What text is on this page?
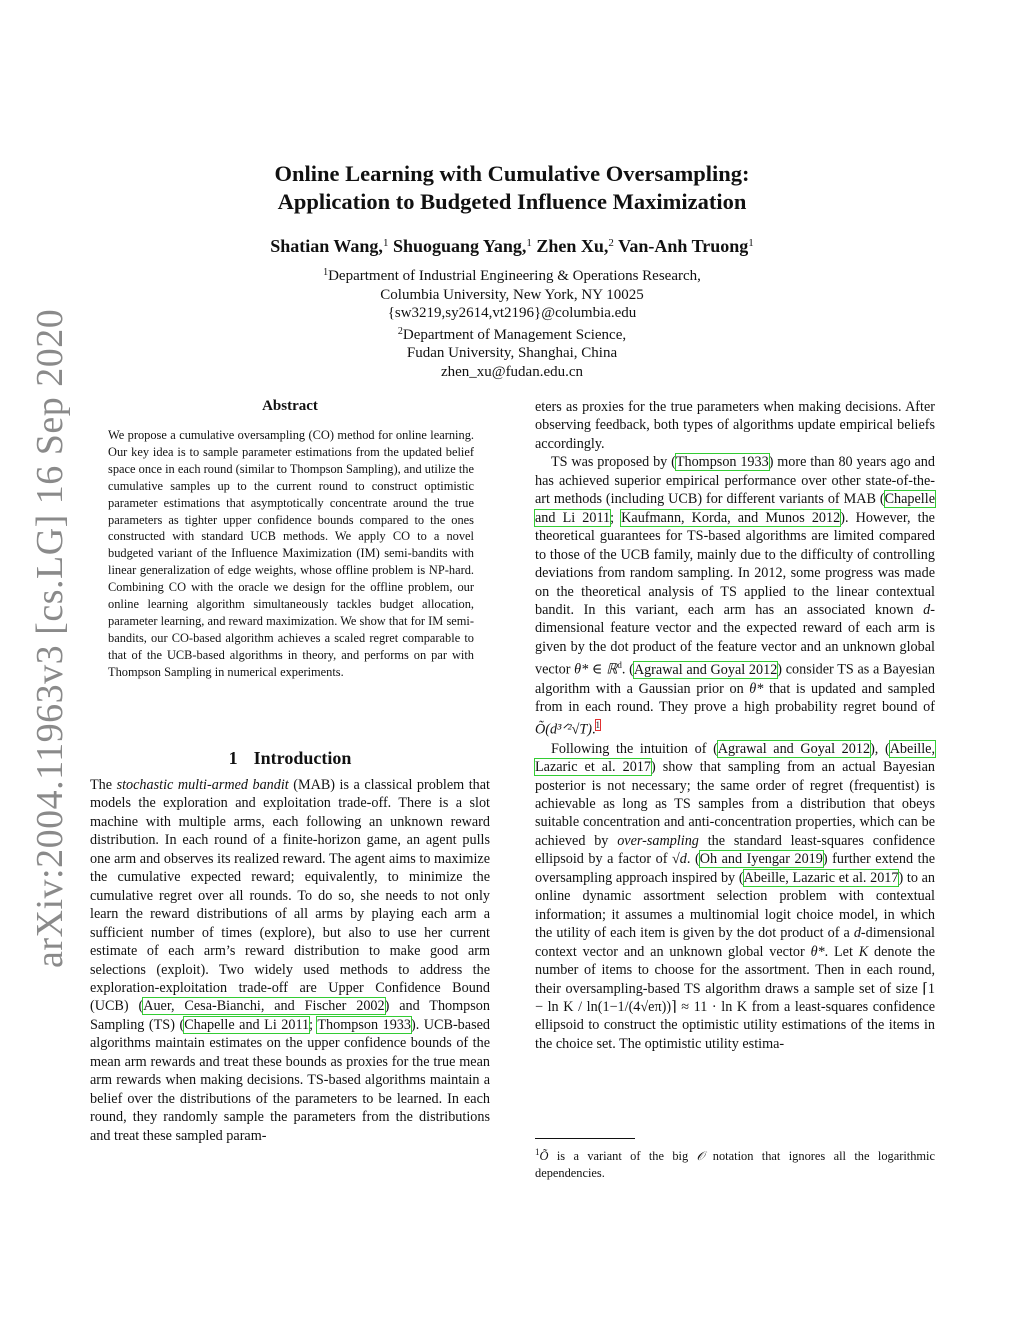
arXiv:2004.11963v3 [cs.LG] 16 Sep 2020
Online Learning with Cumulative Oversampling:
Application to Budgeted Influence Maximization
Shatian Wang,$^1$ Shuoguang Yang,$^1$ Zhen Xu,$^2$ Van-Anh Truong$^1$
$^1$Department of Industrial Engineering & Operations Research,
Columbia University, New York, NY 10025
{sw3219,sy2614,vt2196}@columbia.edu
$^2$Department of Management Science,
Fudan University, Shanghai, China
zhen_xu@fudan.edu.cn
Abstract
We propose a cumulative oversampling (CO) method for online learning. Our key idea is to sample parameter estimations from the updated belief space once in each round (similar to Thompson Sampling), and utilize the cumulative samples up to the current round to construct optimistic parameter estimations that asymptotically concentrate around the true parameters as tighter upper confidence bounds compared to the ones constructed with standard UCB methods. We apply CO to a novel budgeted variant of the Influence Maximization (IM) semi-bandits with linear generalization of edge weights, whose offline problem is NP-hard. Combining CO with the oracle we design for the offline problem, our online learning algorithm simultaneously tackles budget allocation, parameter learning, and reward maximization. We show that for IM semi-bandits, our CO-based algorithm achieves a scaled regret comparable to that of the UCB-based algorithms in theory, and performs on par with Thompson Sampling in numerical experiments.
1 Introduction

The stochastic multi-armed bandit (MAB) is a classical problem that models the exploration and exploitation trade-off. There is a slot machine with multiple arms, each following an unknown reward distribution. In each round of a finite-horizon game, an agent pulls one arm and observes its realized reward. The agent aims to maximize the cumulative expected reward; equivalently, to minimize the cumulative regret over all rounds. To do so, she needs to not only learn the reward distributions of all arms by playing each arm a sufficient number of times (explore), but also to use her current estimate of each arm’s reward distribution to make good arm selections (exploit). Two widely used methods to address the exploration-exploitation trade-off are Upper Confidence Bound (UCB) (Auer, Cesa-Bianchi, and Fischer 2002) and Thompson Sampling (TS) (Chapelle and Li 2011; Thompson 1933). UCB-based algorithms maintain estimates on the upper confidence bounds of the mean arm rewards and treat these bounds as proxies for the true mean arm rewards when making decisions. TS-based algorithms maintain a belief over the distributions of the parameters to be learned. In each round, they randomly sample the parameters from the distributions and treat these sampled param-

eters as proxies for the true parameters when making decisions. After observing feedback, both types of algorithms update empirical beliefs accordingly.

TS was proposed by (Thompson 1933) more than 80 years ago and has achieved superior empirical performance over other state-of-the-art methods (including UCB) for different variants of MAB (Chapelle and Li 2011; Kaufmann, Korda, and Munos 2012). However, the theoretical guarantees for TS-based algorithms are limited compared to those of the UCB family, mainly due to the difficulty of controlling deviations from random sampling. In 2012, some progress was made on the theoretical analysis of TS applied to the linear contextual bandit. In this variant, each arm has an associated known d-dimensional feature vector and the expected reward of each arm is given by the dot product of the feature vector and an unknown global vector θ* ∈ ℝ$^d$. (Agrawal and Goyal 2012) consider TS as a Bayesian algorithm with a Gaussian prior on θ* that is updated and sampled from in each round. They prove a high probability regret bound of Õ(d³ᐟ²√T).$^1$

Following the intuition of (Agrawal and Goyal 2012), (Abeille, Lazaric et al. 2017) show that sampling from an actual Bayesian posterior is not necessary; the same order of regret (frequentist) is achievable as long as TS samples from a distribution that obeys suitable concentration and anti-concentration properties, which can be achieved by over-sampling the standard least-squares confidence ellipsoid by a factor of √d. (Oh and Iyengar 2019) further extend the oversampling approach inspired by (Abeille, Lazaric et al. 2017) to an online dynamic assortment selection problem with contextual information; it assumes a multinomial logit choice model, in which the utility of each item is given by the dot product of a d-dimensional context vector and an unknown global vector θ*. Let K denote the number of items to choose for the assortment. Then in each round, their oversampling-based TS algorithm draws a sample set of size ⌈1 − ln K / ln(1−1/(4√eπ))⌉ ≈ 11 · ln K from a least-squares confidence ellipsoid to construct the optimistic utility estimations of the items in the choice set. The optimistic utility estima-

$^1$Õ is a variant of the big 𝒪 notation that ignores all the logarithmic dependencies.
